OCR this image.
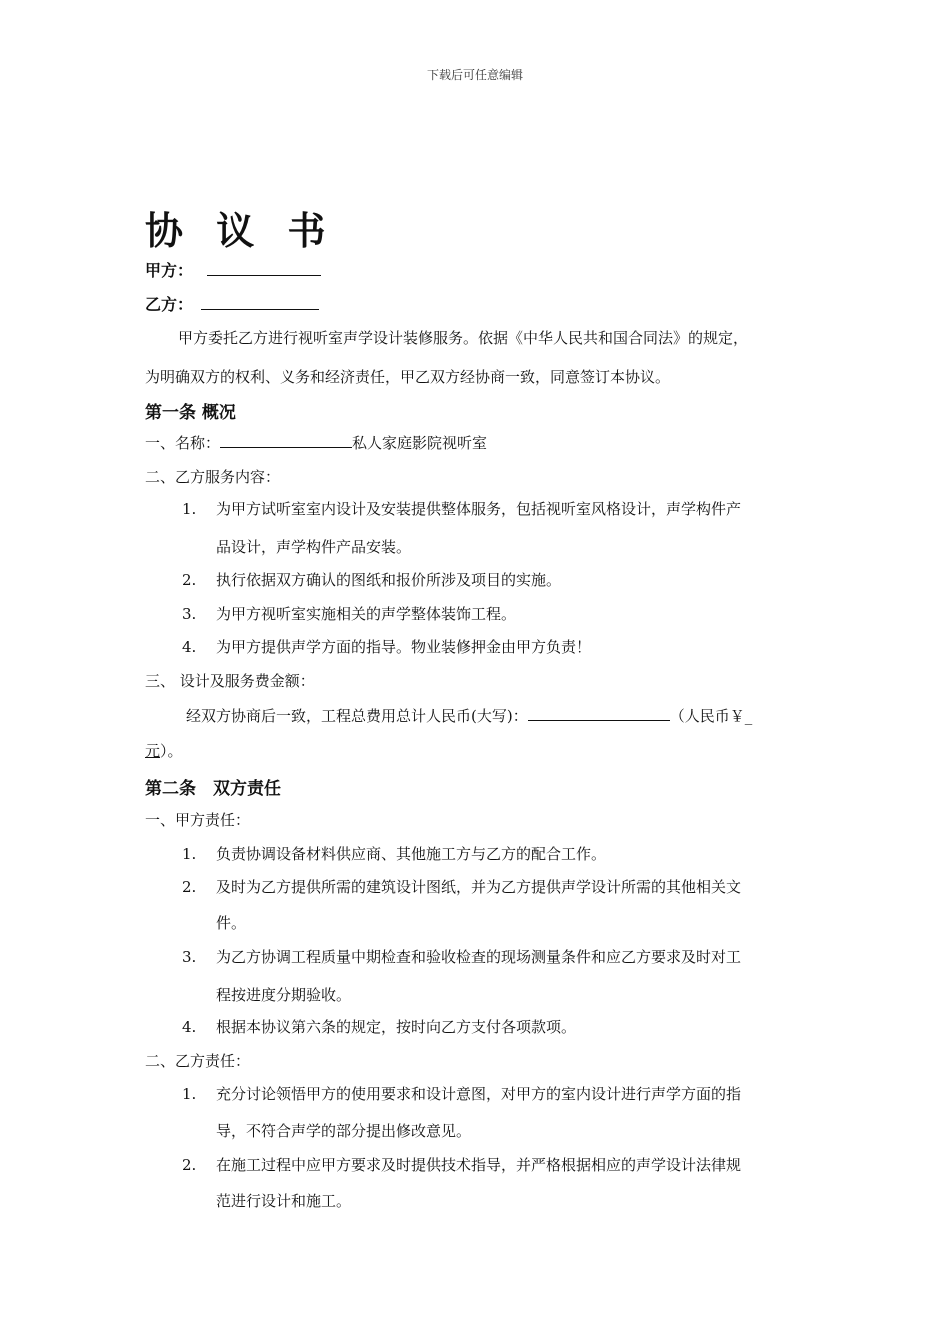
下载后可任意编辑
协 议 书
甲方：
乙方：
甲方委托乙方进行视听室声学设计装修服务。依据《中华人民共和国合同法》的规定，
为明确双方的权利、义务和经济责任，甲乙双方经协商一致，同意签订本协议。
第一条 概况
一、名称：	私人家庭影院视听室
二、乙方服务内容：
1. 为甲方试听室室内设计及安装提供整体服务，包括视听室风格设计，声学构件产
品设计，声学构件产品安装。
2. 执行依据双方确认的图纸和报价所涉及项目的实施。
3. 为甲方视听室实施相关的声学整体装饰工程。
4. 为甲方提供声学方面的指导。物业装修押金由甲方负责！
三、 设计及服务费金额：
经双方协商后一致，工程总费用总计人民币(大写)：	（人民币￥_
元）。
第二条　双方责任
一、甲方责任：
1. 负责协调设备材料供应商、其他施工方与乙方的配合工作。
2. 及时为乙方提供所需的建筑设计图纸，并为乙方提供声学设计所需的其他相关文
件。
3. 为乙方协调工程质量中期检查和验收检查的现场测量条件和应乙方要求及时对工
程按进度分期验收。
4. 根据本协议第六条的规定，按时向乙方支付各项款项。
二、乙方责任：
1. 充分讨论领悟甲方的使用要求和设计意图，对甲方的室内设计进行声学方面的指
导，不符合声学的部分提出修改意见。
2. 在施工过程中应甲方要求及时提供技术指导，并严格根据相应的声学设计法律规
范进行设计和施工。
